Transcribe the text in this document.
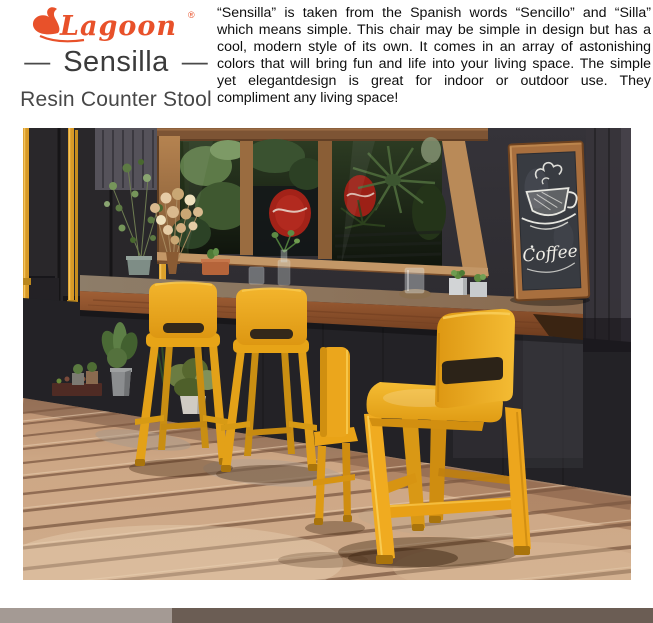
Lagoon ®
— Sensilla —
Resin Counter Stool

“Sensilla” is taken from the Spanish words “Sencillo” and “Silla” which means simple. This chair may be simple in design but has a cool, modern style of its own. It comes in an array of astonishing colors that will bring fun and life into your living space. The simple yet elegantdesign is great for indoor or outdoor use. They compliment any living space!

Coffee
